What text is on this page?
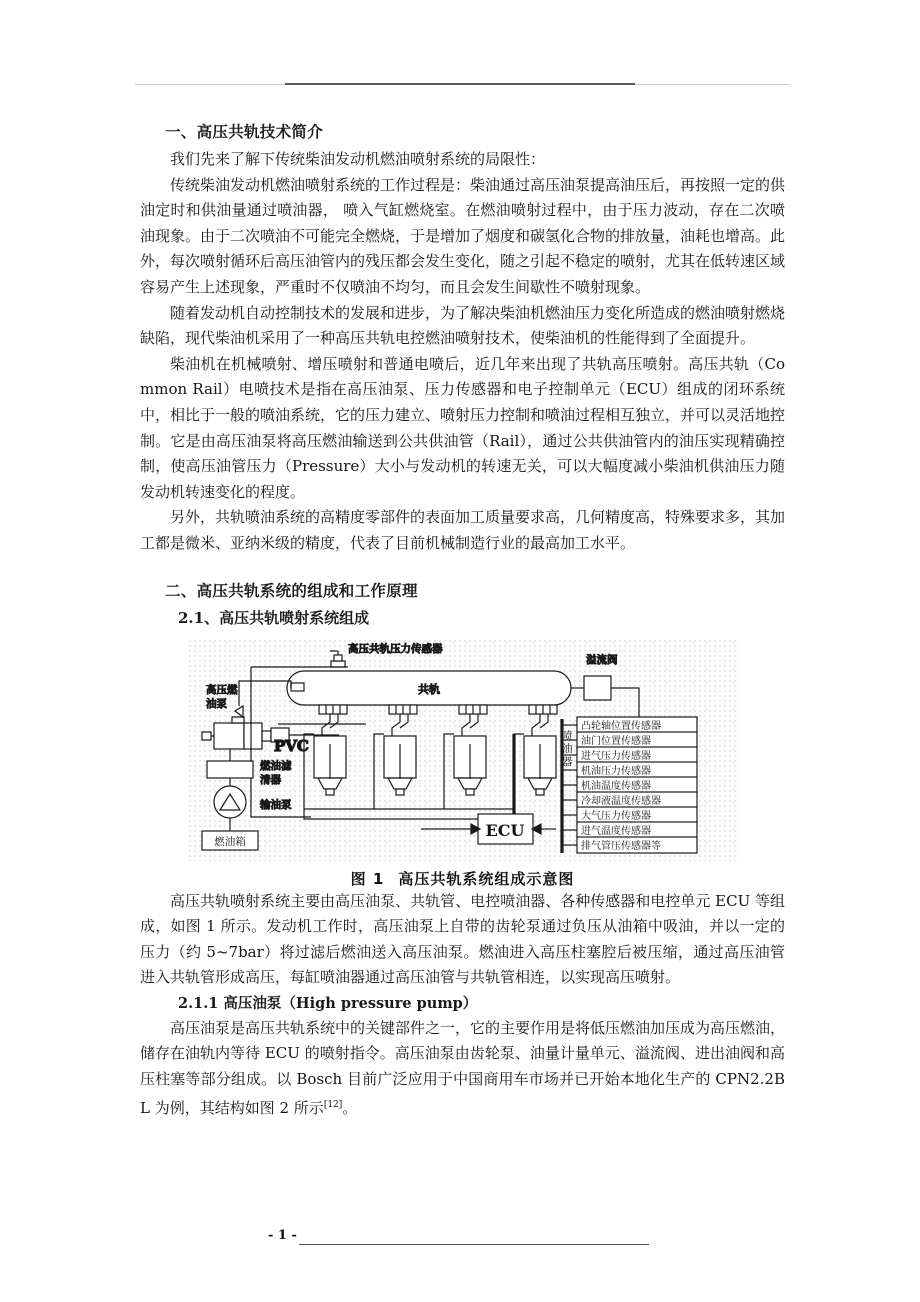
一、高压共轨技术简介

我们先来了解下传统柴油发动机燃油喷射系统的局限性：

传统柴油发动机燃油喷射系统的工作过程是：柴油通过高压油泵提高油压后，再按照一定的供油定时和供油量通过喷油器， 喷入气缸燃烧室。在燃油喷射过程中，由于压力波动，存在二次喷油现象。由于二次喷油不可能完全燃烧，于是增加了烟度和碳氢化合物的排放量，油耗也增高。此外，每次喷射循环后高压油管内的残压都会发生变化，随之引起不稳定的喷射，尤其在低转速区域容易产生上述现象，严重时不仅喷油不均匀，而且会发生间歇性不喷射现象。

随着发动机自动控制技术的发展和进步，为了解决柴油机燃油压力变化所造成的燃油喷射燃烧缺陷，现代柴油机采用了一种高压共轨电控燃油喷射技术，使柴油机的性能得到了全面提升。

柴油机在机械喷射、增压喷射和普通电喷后，近几年来出现了共轨高压喷射。高压共轨（Common Rail）电喷技术是指在高压油泵、压力传感器和电子控制单元（ECU）组成的闭环系统中，相比于一般的喷油系统，它的压力建立、喷射压力控制和喷油过程相互独立，并可以灵活地控制。它是由高压油泵将高压燃油输送到公共供油管（Rail），通过公共供油管内的油压实现精确控制，使高压油管压力（Pressure）大小与发动机的转速无关，可以大幅度减小柴油机供油压力随发动机转速变化的程度。

另外，共轨喷油系统的高精度零部件的表面加工质量要求高，几何精度高，特殊要求多，其加工都是微米、亚纳米级的精度，代表了目前机械制造行业的最高加工水平。

二、高压共轨系统的组成和工作原理
2.1、高压共轨喷射系统组成
共轨
高压共轨压力传感器
溢流阀
喷
油
器
高压燃
油泵
PVC
燃油滤
清器
输油泵
燃油箱
ECU
凸轮轴位置传感器
油门位置传感器
进气压力传感器
机油压力传感器
机油温度传感器
冷却液温度传感器
大气压力传感器
进气温度传感器
排气管压传感器等
图 1 高压共轨系统组成示意图

高压共轨喷射系统主要由高压油泵、共轨管、电控喷油器、各种传感器和电控单元 ECU 等组成，如图 1 所示。发动机工作时，高压油泵上自带的齿轮泵通过负压从油箱中吸油，并以一定的压力（约 5~7bar）将过滤后燃油送入高压油泵。燃油进入高压柱塞腔后被压缩，通过高压油管进入共轨管形成高压，每缸喷油器通过高压油管与共轨管相连，以实现高压喷射。

2.1.1 高压油泵（High pressure pump）

高压油泵是高压共轨系统中的关键部件之一，它的主要作用是将低压燃油加压成为高压燃油，储存在油轨内等待 ECU 的喷射指令。高压油泵由齿轮泵、油量计量单元、溢流阀、进出油阀和高压柱塞等部分组成。以 Bosch 目前广泛应用于中国商用车市场并已开始本地化生产的 CPN2.2BL 为例，其结构如图 2 所示[12]。

- 1 -
